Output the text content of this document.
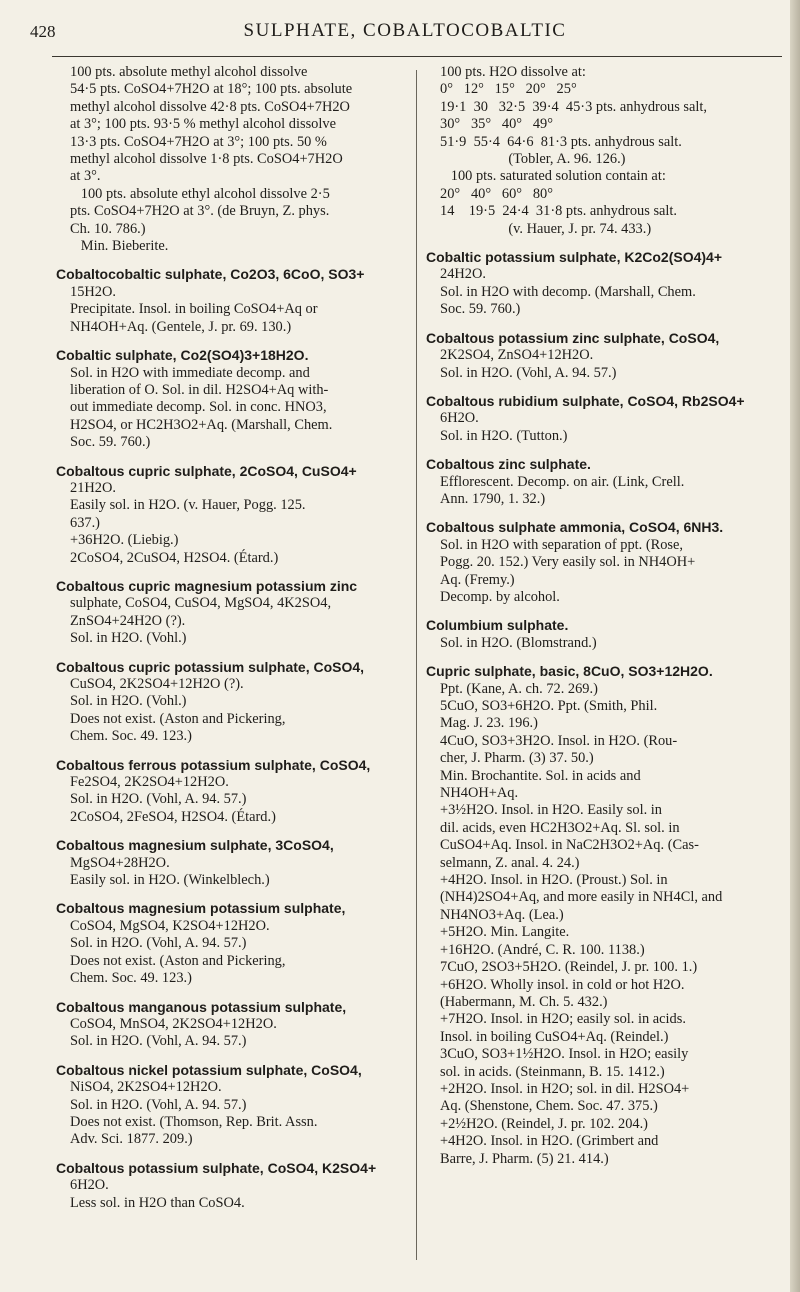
428	SULPHATE, COBALTOCOBALTIC

100 pts. absolute methyl alcohol dissolve

54·5 pts. CoSO4+7H2O at 18°; 100 pts. absolute

methyl alcohol dissolve 42·8 pts. CoSO4+7H2O

at 3°; 100 pts. 93·5 % methyl alcohol dissolve

13·3 pts. CoSO4+7H2O at 3°; 100 pts. 50 %

methyl alcohol dissolve 1·8 pts. CoSO4+7H2O

at 3°.

100 pts. absolute ethyl alcohol dissolve 2·5

pts. CoSO4+7H2O at 3°. (de Bruyn, Z. phys.

Ch. 10. 786.)

Min. Bieberite.

Cobaltocobaltic sulphate, Co2O3, 6CoO, SO3+

15H2O.

Precipitate. Insol. in boiling CoSO4+Aq or

NH4OH+Aq. (Gentele, J. pr. 69. 130.)

Cobaltic sulphate, Co2(SO4)3+18H2O.

Sol. in H2O with immediate decomp. and

liberation of O. Sol. in dil. H2SO4+Aq with-

out immediate decomp. Sol. in conc. HNO3,

H2SO4, or HC2H3O2+Aq. (Marshall, Chem.

Soc. 59. 760.)

Cobaltous cupric sulphate, 2CoSO4, CuSO4+

21H2O.

Easily sol. in H2O. (v. Hauer, Pogg. 125.

637.)

+36H2O. (Liebig.)

2CoSO4, 2CuSO4, H2SO4. (Étard.)

Cobaltous cupric magnesium potassium zinc

sulphate, CoSO4, CuSO4, MgSO4, 4K2SO4,

ZnSO4+24H2O (?).

Sol. in H2O. (Vohl.)

Cobaltous cupric potassium sulphate, CoSO4,

CuSO4, 2K2SO4+12H2O (?).

Sol. in H2O. (Vohl.)

Does not exist. (Aston and Pickering,

Chem. Soc. 49. 123.)

Cobaltous ferrous potassium sulphate, CoSO4,

Fe2SO4, 2K2SO4+12H2O.

Sol. in H2O. (Vohl, A. 94. 57.)

2CoSO4, 2FeSO4, H2SO4. (Étard.)

Cobaltous magnesium sulphate, 3CoSO4,

MgSO4+28H2O.

Easily sol. in H2O. (Winkelblech.)

Cobaltous magnesium potassium sulphate,

CoSO4, MgSO4, K2SO4+12H2O.

Sol. in H2O. (Vohl, A. 94. 57.)

Does not exist. (Aston and Pickering,

Chem. Soc. 49. 123.)

Cobaltous manganous potassium sulphate,

CoSO4, MnSO4, 2K2SO4+12H2O.

Sol. in H2O. (Vohl, A. 94. 57.)

Cobaltous nickel potassium sulphate, CoSO4,

NiSO4, 2K2SO4+12H2O.

Sol. in H2O. (Vohl, A. 94. 57.)

Does not exist. (Thomson, Rep. Brit. Assn.

Adv. Sci. 1877. 209.)

Cobaltous potassium sulphate, CoSO4, K2SO4+

6H2O.

Less sol. in H2O than CoSO4.

100 pts. H2O dissolve at:

0°   12°   15°   20°   25°

19·1  30   32·5  39·4  45·3 pts. anhydrous salt,

30°   35°   40°   49°

51·9  55·4  64·6  81·3 pts. anhydrous salt.

(Tobler, A. 96. 126.)

100 pts. saturated solution contain at:

20°   40°   60°   80°

14    19·5  24·4  31·8 pts. anhydrous salt.

(v. Hauer, J. pr. 74. 433.)

Cobaltic potassium sulphate, K2Co2(SO4)4+

24H2O.

Sol. in H2O with decomp. (Marshall, Chem.

Soc. 59. 760.)

Cobaltous potassium zinc sulphate, CoSO4,

2K2SO4, ZnSO4+12H2O.

Sol. in H2O. (Vohl, A. 94. 57.)

Cobaltous rubidium sulphate, CoSO4, Rb2SO4+

6H2O.

Sol. in H2O. (Tutton.)

Cobaltous zinc sulphate.

Efflorescent. Decomp. on air. (Link, Crell.

Ann. 1790, 1. 32.)

Cobaltous sulphate ammonia, CoSO4, 6NH3.

Sol. in H2O with separation of ppt. (Rose,

Pogg. 20. 152.) Very easily sol. in NH4OH+

Aq. (Fremy.)

Decomp. by alcohol.

Columbium sulphate.

Sol. in H2O. (Blomstrand.)

Cupric sulphate, basic, 8CuO, SO3+12H2O.

Ppt. (Kane, A. ch. 72. 269.)

5CuO, SO3+6H2O. Ppt. (Smith, Phil.

Mag. J. 23. 196.)

4CuO, SO3+3H2O. Insol. in H2O. (Rou-

cher, J. Pharm. (3) 37. 50.)

Min. Brochantite. Sol. in acids and

NH4OH+Aq.

+3½H2O. Insol. in H2O. Easily sol. in

dil. acids, even HC2H3O2+Aq. Sl. sol. in

CuSO4+Aq. Insol. in NaC2H3O2+Aq. (Cas-

selmann, Z. anal. 4. 24.)

+4H2O. Insol. in H2O. (Proust.) Sol. in

(NH4)2SO4+Aq, and more easily in NH4Cl, and

NH4NO3+Aq. (Lea.)

+5H2O. Min. Langite.

+16H2O. (André, C. R. 100. 1138.)

7CuO, 2SO3+5H2O. (Reindel, J. pr. 100. 1.)

+6H2O. Wholly insol. in cold or hot H2O.

(Habermann, M. Ch. 5. 432.)

+7H2O. Insol. in H2O; easily sol. in acids.

Insol. in boiling CuSO4+Aq. (Reindel.)

3CuO, SO3+1½H2O. Insol. in H2O; easily

sol. in acids. (Steinmann, B. 15. 1412.)

+2H2O. Insol. in H2O; sol. in dil. H2SO4+

Aq. (Shenstone, Chem. Soc. 47. 375.)

+2½H2O. (Reindel, J. pr. 102. 204.)

+4H2O. Insol. in H2O. (Grimbert and

Barre, J. Pharm. (5) 21. 414.)
